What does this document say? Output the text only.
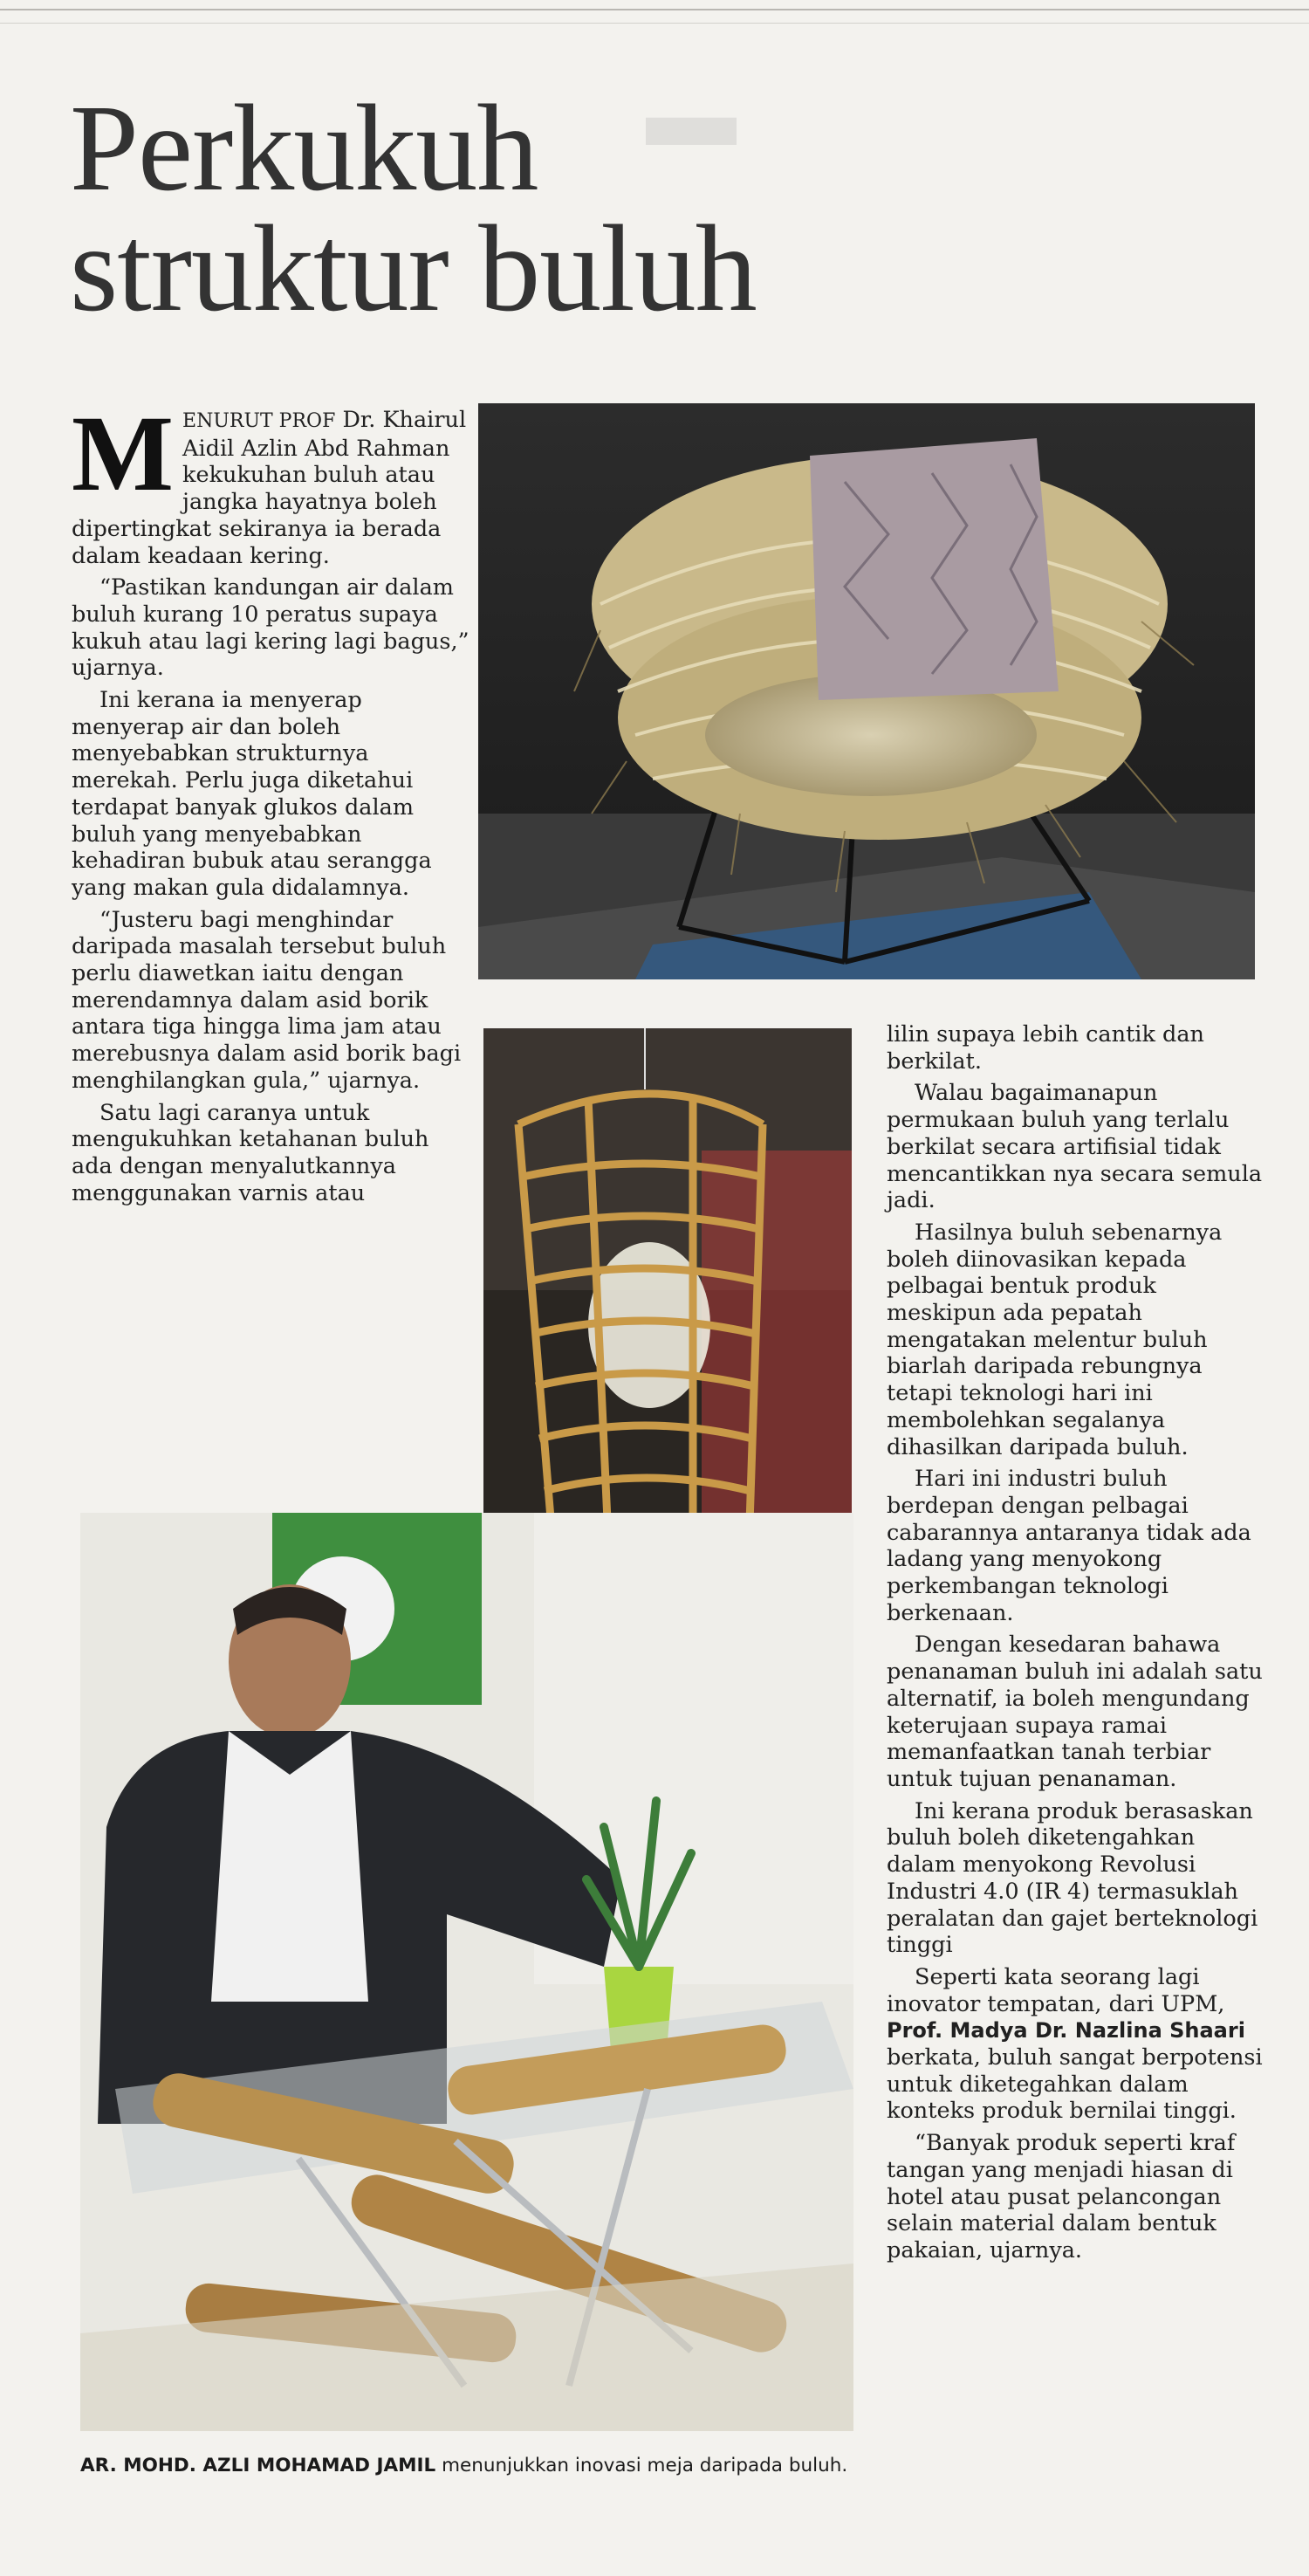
▬
Perkukuh
struktur buluh

MENURUT PROF Dr. Khairul Aidil Azlin Abd Rahman kekukuhan buluh atau jangka hayatnya boleh dipertingkat sekiranya ia berada dalam keadaan kering.

“Pastikan kandungan air dalam buluh kurang 10 peratus supaya kukuh atau lagi kering lagi bagus,” ujarnya.

Ini kerana ia menyerap menyerap air dan boleh menyebabkan strukturnya merekah. Perlu juga diketahui terdapat banyak glukos dalam buluh yang menyebabkan kehadiran bubuk atau serangga yang makan gula didalamnya.

“Justeru bagi menghindar daripada masalah tersebut buluh perlu diawetkan iaitu dengan merendamnya dalam asid borik antara tiga hingga lima jam atau merebusnya dalam asid borik bagi menghilangkan gula,” ujarnya.

Satu lagi caranya untuk mengukuhkan ketahanan buluh ada dengan menyalutkannya menggunakan varnis atau

lilin supaya lebih cantik dan berkilat.

Walau bagaimanapun permukaan buluh yang terlalu berkilat secara artifisial tidak mencantikkan nya secara semula jadi.

Hasilnya buluh sebenarnya boleh diinovasikan kepada pelbagai bentuk produk meskipun ada pepatah mengatakan melentur buluh biarlah daripada rebungnya tetapi teknologi hari ini membolehkan segalanya dihasilkan daripada buluh.

Hari ini industri buluh berdepan dengan pelbagai cabarannya antaranya tidak ada ladang yang menyokong perkembangan teknologi berkenaan.

Dengan kesedaran bahawa penanaman buluh ini adalah satu alternatif, ia boleh mengundang keterujaan supaya ramai memanfaatkan tanah terbiar untuk tujuan penanaman.

Ini kerana produk berasaskan buluh boleh diketengahkan dalam menyokong Revolusi Industri 4.0 (IR 4) termasuklah peralatan dan gajet berteknologi tinggi

Seperti kata seorang lagi inovator tempatan, dari UPM, Prof. Madya Dr. Nazlina Shaari berkata, buluh sangat berpotensi untuk diketegahkan dalam konteks produk bernilai tinggi.

“Banyak produk seperti kraf tangan yang menjadi hiasan di hotel atau pusat pelancongan selain material dalam bentuk pakaian, ujarnya.

AR. MOHD. AZLI MOHAMAD JAMIL menunjukkan inovasi meja daripada buluh.
